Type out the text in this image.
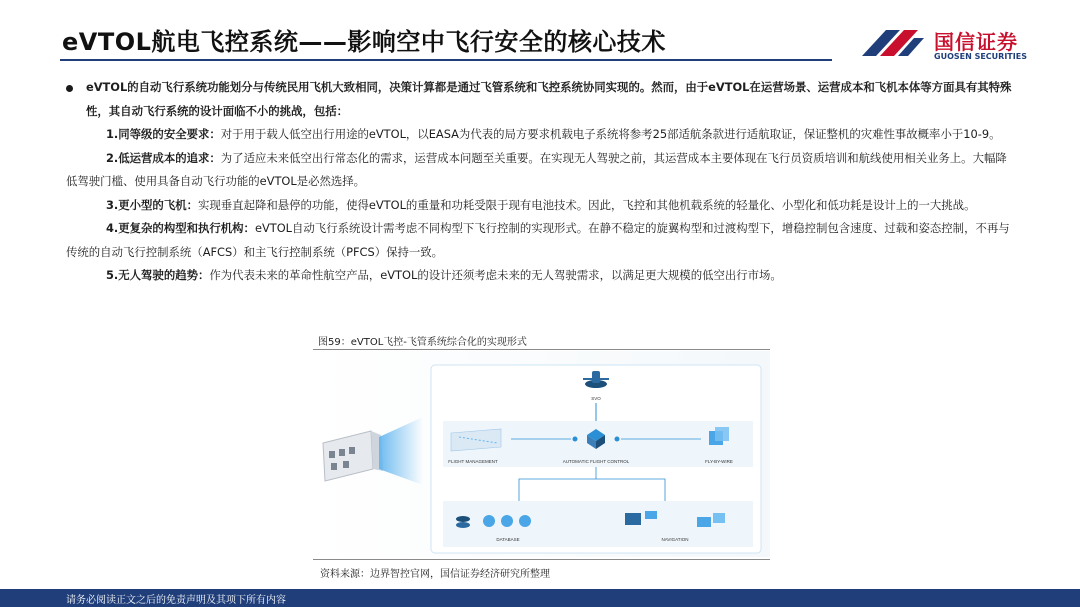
eVTOL航电飞控系统——影响空中飞行安全的核心技术	国信证券
GUOSEN SECURITIES

eVTOL的自动飞行系统功能划分与传统民用飞机大致相同，决策计算都是通过飞管系统和飞控系统协同实现的。然而，由于eVTOL在运营场景、运营成本和飞机本体等方面具有其特殊性，其自动飞行系统的设计面临不小的挑战，包括：

1.同等级的安全要求：对于用于载人低空出行用途的eVTOL，以EASA为代表的局方要求机载电子系统将参考25部适航条款进行适航取证，保证整机的灾难性事故概率小于10-9。

2.低运营成本的追求：为了适应未来低空出行常态化的需求，运营成本问题至关重要。在实现无人驾驶之前，其运营成本主要体现在飞行员资质培训和航线使用相关业务上。大幅降低驾驶门槛、使用具备自动飞行功能的eVTOL是必然选择。

3.更小型的飞机：实现垂直起降和悬停的功能，使得eVTOL的重量和功耗受限于现有电池技术。因此，飞控和其他机载系统的轻量化、小型化和低功耗是设计上的一大挑战。

4.更复杂的构型和执行机构：eVTOL自动飞行系统设计需考虑不同构型下飞行控制的实现形式。在静不稳定的旋翼构型和过渡构型下，增稳控制包含速度、过载和姿态控制，不再与传统的自动飞行控制系统（AFCS）和主飞行控制系统（PFCS）保持一致。

5.无人驾驶的趋势：作为代表未来的革命性航空产品，eVTOL的设计还须考虑未来的无人驾驶需求，以满足更大规模的低空出行市场。

图59：eVTOL飞控-飞管系统综合化的实现形式
SVO
FLIGHT MANAGEMENT	AUTOMATIC FLIGHT CONTROL	FLY-BY-WIRE
DATABASE	NAVIGATION
资料来源：边界智控官网，国信证券经济研究所整理
请务必阅读正文之后的免责声明及其项下所有内容
